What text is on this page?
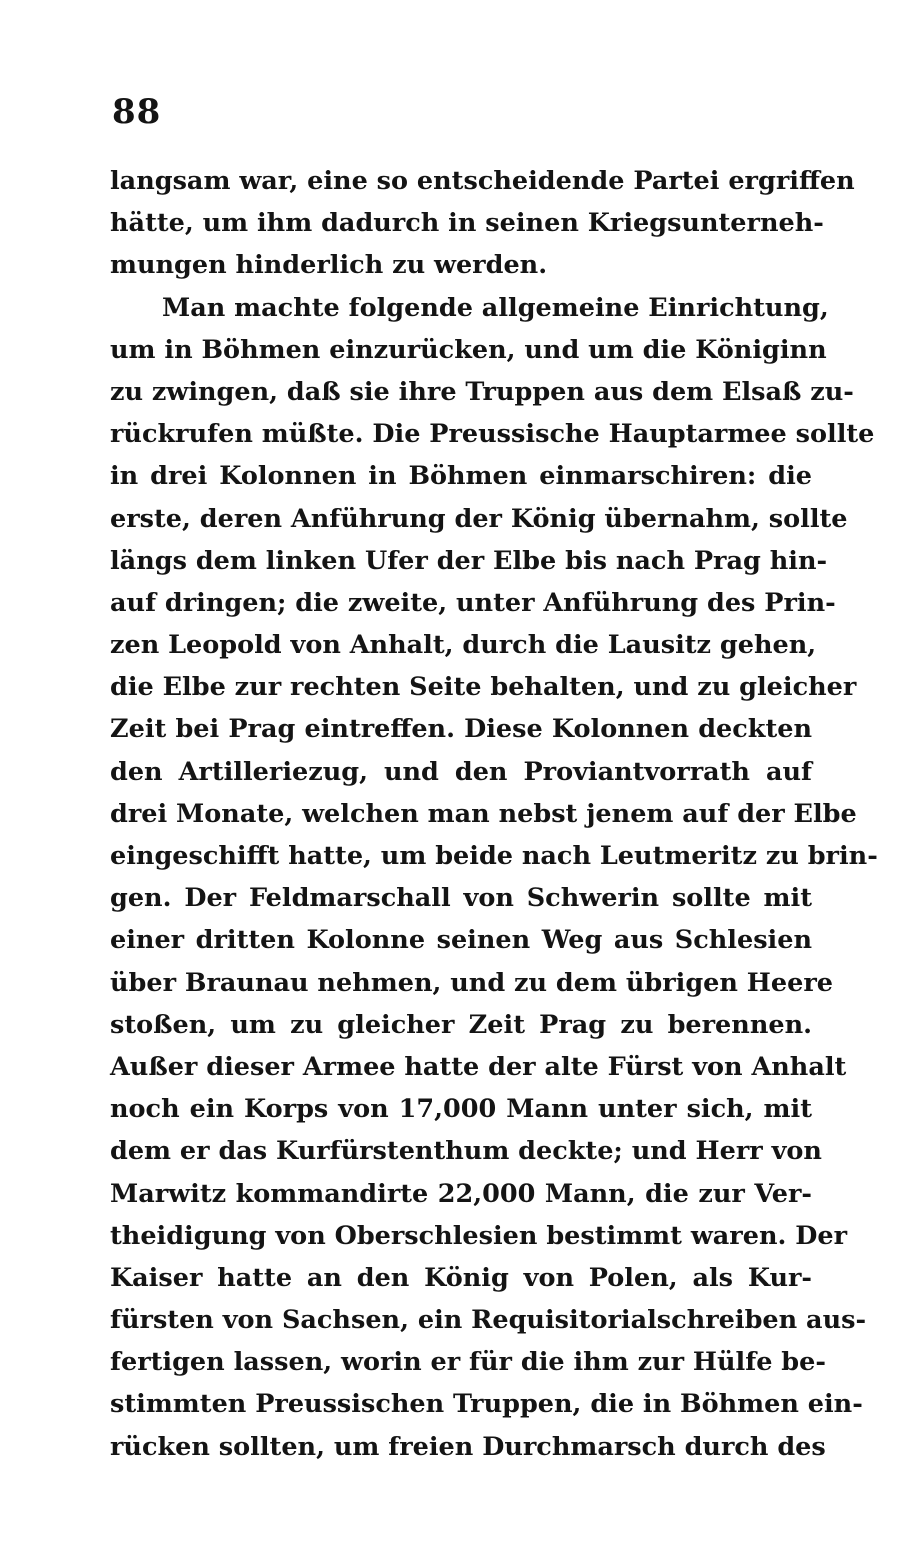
88
langsam war, eine so entscheidende Partei ergriffen
hätte, um ihm dadurch in seinen Kriegsunterneh-
mungen hinderlich zu werden.
Man machte folgende allgemeine Einrichtung,
um in Böhmen einzurücken, und um die Königinn
zu zwingen, daß sie ihre Truppen aus dem Elsaß zu-
rückrufen müßte. Die Preussische Hauptarmee sollte
in drei Kolonnen in Böhmen einmarschiren: die
erste, deren Anführung der König übernahm, sollte
längs dem linken Ufer der Elbe bis nach Prag hin-
auf dringen; die zweite, unter Anführung des Prin-
zen Leopold von Anhalt, durch die Lausitz gehen,
die Elbe zur rechten Seite behalten, und zu gleicher
Zeit bei Prag eintreffen. Diese Kolonnen deckten
den Artilleriezug, und den Proviantvorrath auf
drei Monate, welchen man nebst jenem auf der Elbe
eingeschifft hatte, um beide nach Leutmeritz zu brin-
gen. Der Feldmarschall von Schwerin sollte mit
einer dritten Kolonne seinen Weg aus Schlesien
über Braunau nehmen, und zu dem übrigen Heere
stoßen, um zu gleicher Zeit Prag zu berennen.
Außer dieser Armee hatte der alte Fürst von Anhalt
noch ein Korps von 17,000 Mann unter sich, mit
dem er das Kurfürstenthum deckte; und Herr von
Marwitz kommandirte 22,000 Mann, die zur Ver-
theidigung von Oberschlesien bestimmt waren. Der
Kaiser hatte an den König von Polen, als Kur-
fürsten von Sachsen, ein Requisitorialschreiben aus-
fertigen lassen, worin er für die ihm zur Hülfe be-
stimmten Preussischen Truppen, die in Böhmen ein-
rücken sollten, um freien Durchmarsch durch des
